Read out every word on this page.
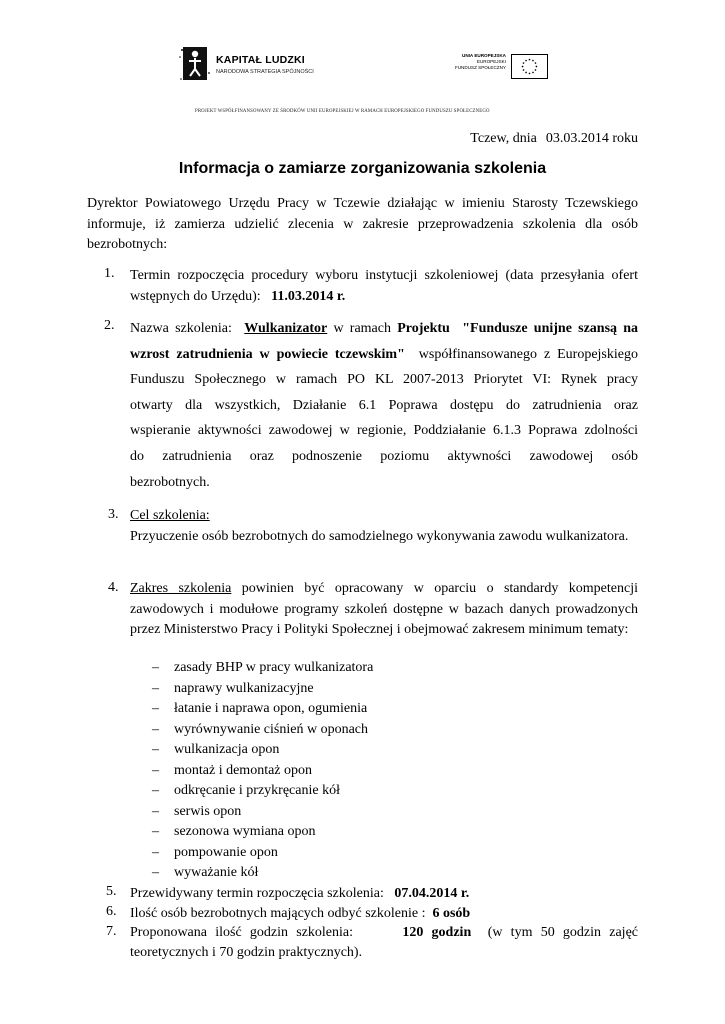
KAPITAŁ LUDZKI
NARODOWA STRATEGIA SPÓJNOŚCI
UNIA EUROPEJSKA
EUROPEJSKI
FUNDUSZ SPOŁECZNY
PROJEKT WSPÓŁFINANSOWANY ZE ŚRODKÓW UNII EUROPEJSKIEJ W RAMACH EUROPEJSKIEGO FUNDUSZU SPOŁECZNEGO
Tczew, dnia 03.03.2014 roku
Informacja o zamiarze zorganizowania szkolenia
Dyrektor Powiatowego Urzędu Pracy w Tczewie działając w imieniu Starosty Tczewskiego informuje, iż zamierza udzielić zlecenia w zakresie przeprowadzenia szkolenia dla osób bezrobotnych:
1. Termin rozpoczęcia procedury wyboru instytucji szkoleniowej (data przesyłania ofert wstępnych do Urzędu): 11.03.2014 r.
2. Nazwa szkolenia: Wulkanizator w ramach Projektu "Fundusze unijne szansą na
wzrost zatrudnienia w powiecie tczewskim" współfinansowanego z Europejskiego
Funduszu Społecznego w ramach PO KL 2007-2013 Priorytet VI: Rynek pracy
otwarty dla wszystkich, Działanie 6.1 Poprawa dostępu do zatrudnienia oraz
wspieranie aktywności zawodowej w regionie, Poddziałanie 6.1.3 Poprawa zdolności
do zatrudnienia oraz podnoszenie poziomu aktywności zawodowej osób
bezrobotnych.
3. Cel szkolenia:
Przyuczenie osób bezrobotnych do samodzielnego wykonywania zawodu wulkanizatora.
4. Zakres szkolenia powinien być opracowany w oparciu o standardy kompetencji zawodowych i modułowe programy szkoleń dostępne w bazach danych prowadzonych przez Ministerstwo Pracy i Polityki Społecznej i obejmować zakresem minimum tematy:
– zasady BHP w pracy wulkanizatora
– naprawy wulkanizacyjne
– łatanie i naprawa opon, ogumienia
– wyrównywanie ciśnień w oponach
– wulkanizacja opon
– montaż i demontaż opon
– odkręcanie i przykręcanie kół
– serwis opon
– sezonowa wymiana opon
– pompowanie opon
– wyważanie kół
5. Przewidywany termin rozpoczęcia szkolenia: 07.04.2014 r.
6. Ilość osób bezrobotnych mających odbyć szkolenie : 6 osób
7. Proponowana ilość godzin szkolenia:	120 godzin (w tym 50 godzin zajęć
teoretycznych i 70 godzin praktycznych).
